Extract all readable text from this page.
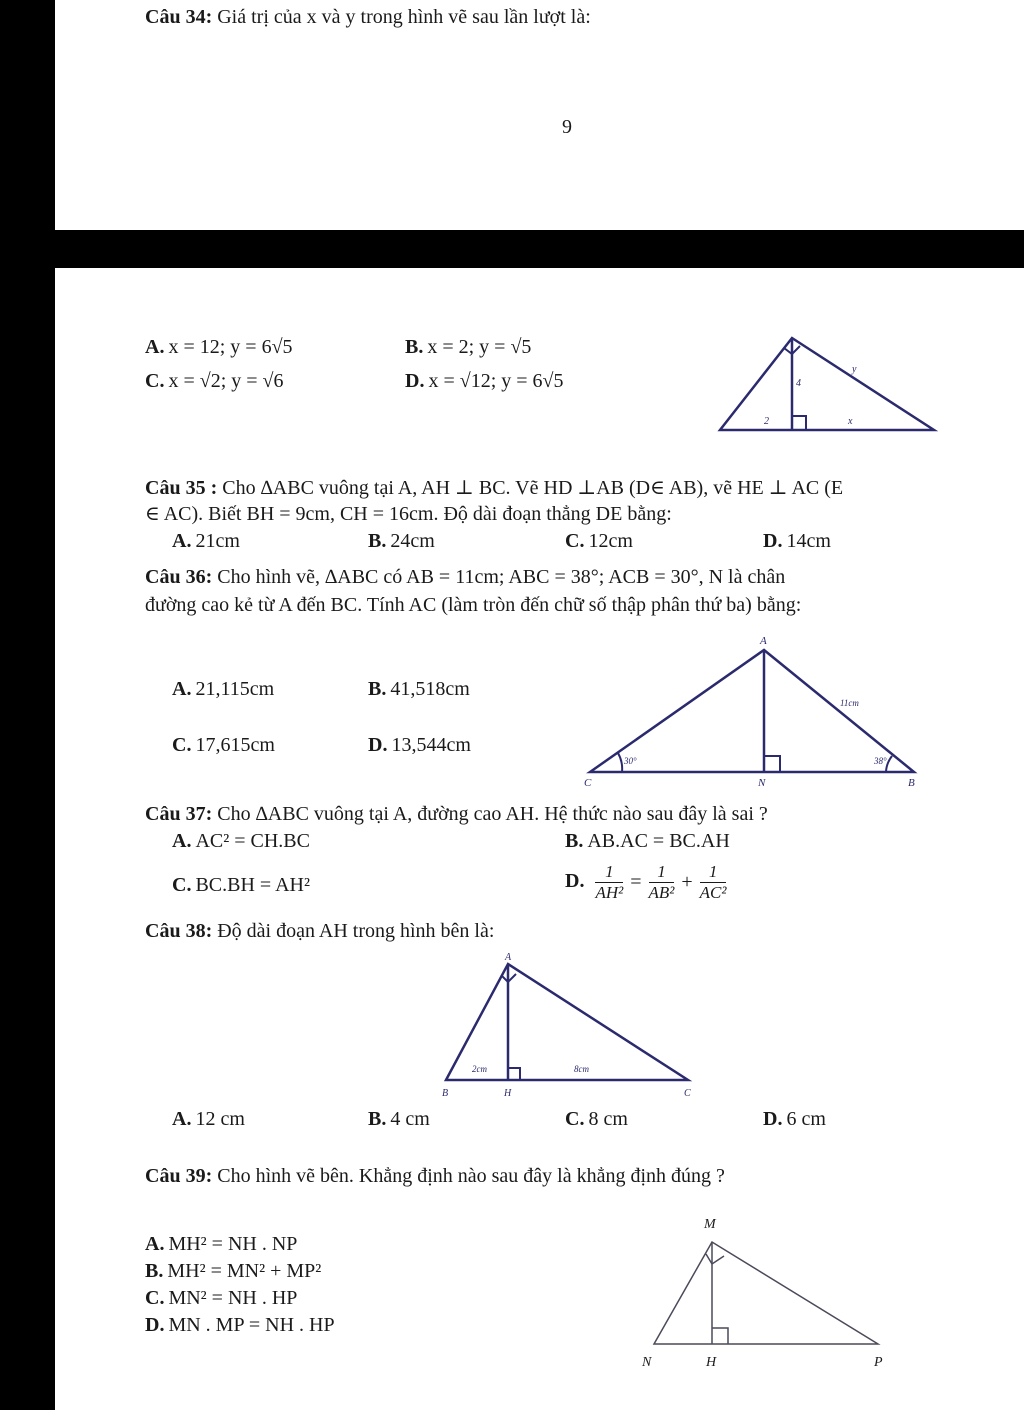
Câu 34: Giá trị của x và y trong hình vẽ sau lần lượt là:
9
A. x = 12; y = 6√5	B. x = 2; y = √5
C. x = √2; y = √6	D. x = √12; y = 6√5
y
4
2	x
Câu 35 : Cho ∆ABC vuông tại A, AH ⊥ BC. Vẽ HD ⊥AB (D∈ AB), vẽ HE ⊥ AC (E
∈ AC). Biết BH = 9cm, CH = 16cm. Độ dài đoạn thẳng DE bằng:
A. 21cm	B. 24cm	C. 12cm	D. 14cm
Câu 36: Cho hình vẽ, ∆ABC có AB = 11cm; ABC = 38°; ACB = 30°, N là chân
đường cao kẻ từ A đến BC. Tính AC (làm tròn đến chữ số thập phân thứ ba) bằng:
A. 21,115cm	B. 41,518cm
C. 17,615cm	D. 13,544cm
A
C	N	B
11cm
30°	38°
Câu 37: Cho ∆ABC vuông tại A, đường cao AH. Hệ thức nào sau đây là sai ?
A. AC² = CH.BC	B. AB.AC = BC.AH
C. BC.BH = AH²	D. $\frac{1}{\text{AH²}} = \frac{1}{\text{AB²}} + \frac{1}{\text{AC²}}$
Câu 38: Độ dài đoạn AH trong hình bên là:
A
B	H	C
2cm	8cm
A. 12 cm	B. 4 cm	C. 8 cm	D. 6 cm
Câu 39: Cho hình vẽ bên. Khẳng định nào sau đây là khẳng định đúng ?
A. MH² = NH . NP
B. MH² = MN² + MP²
C. MN² = NH . HP
D. MN . MP = NH . HP
M
N	H	P
